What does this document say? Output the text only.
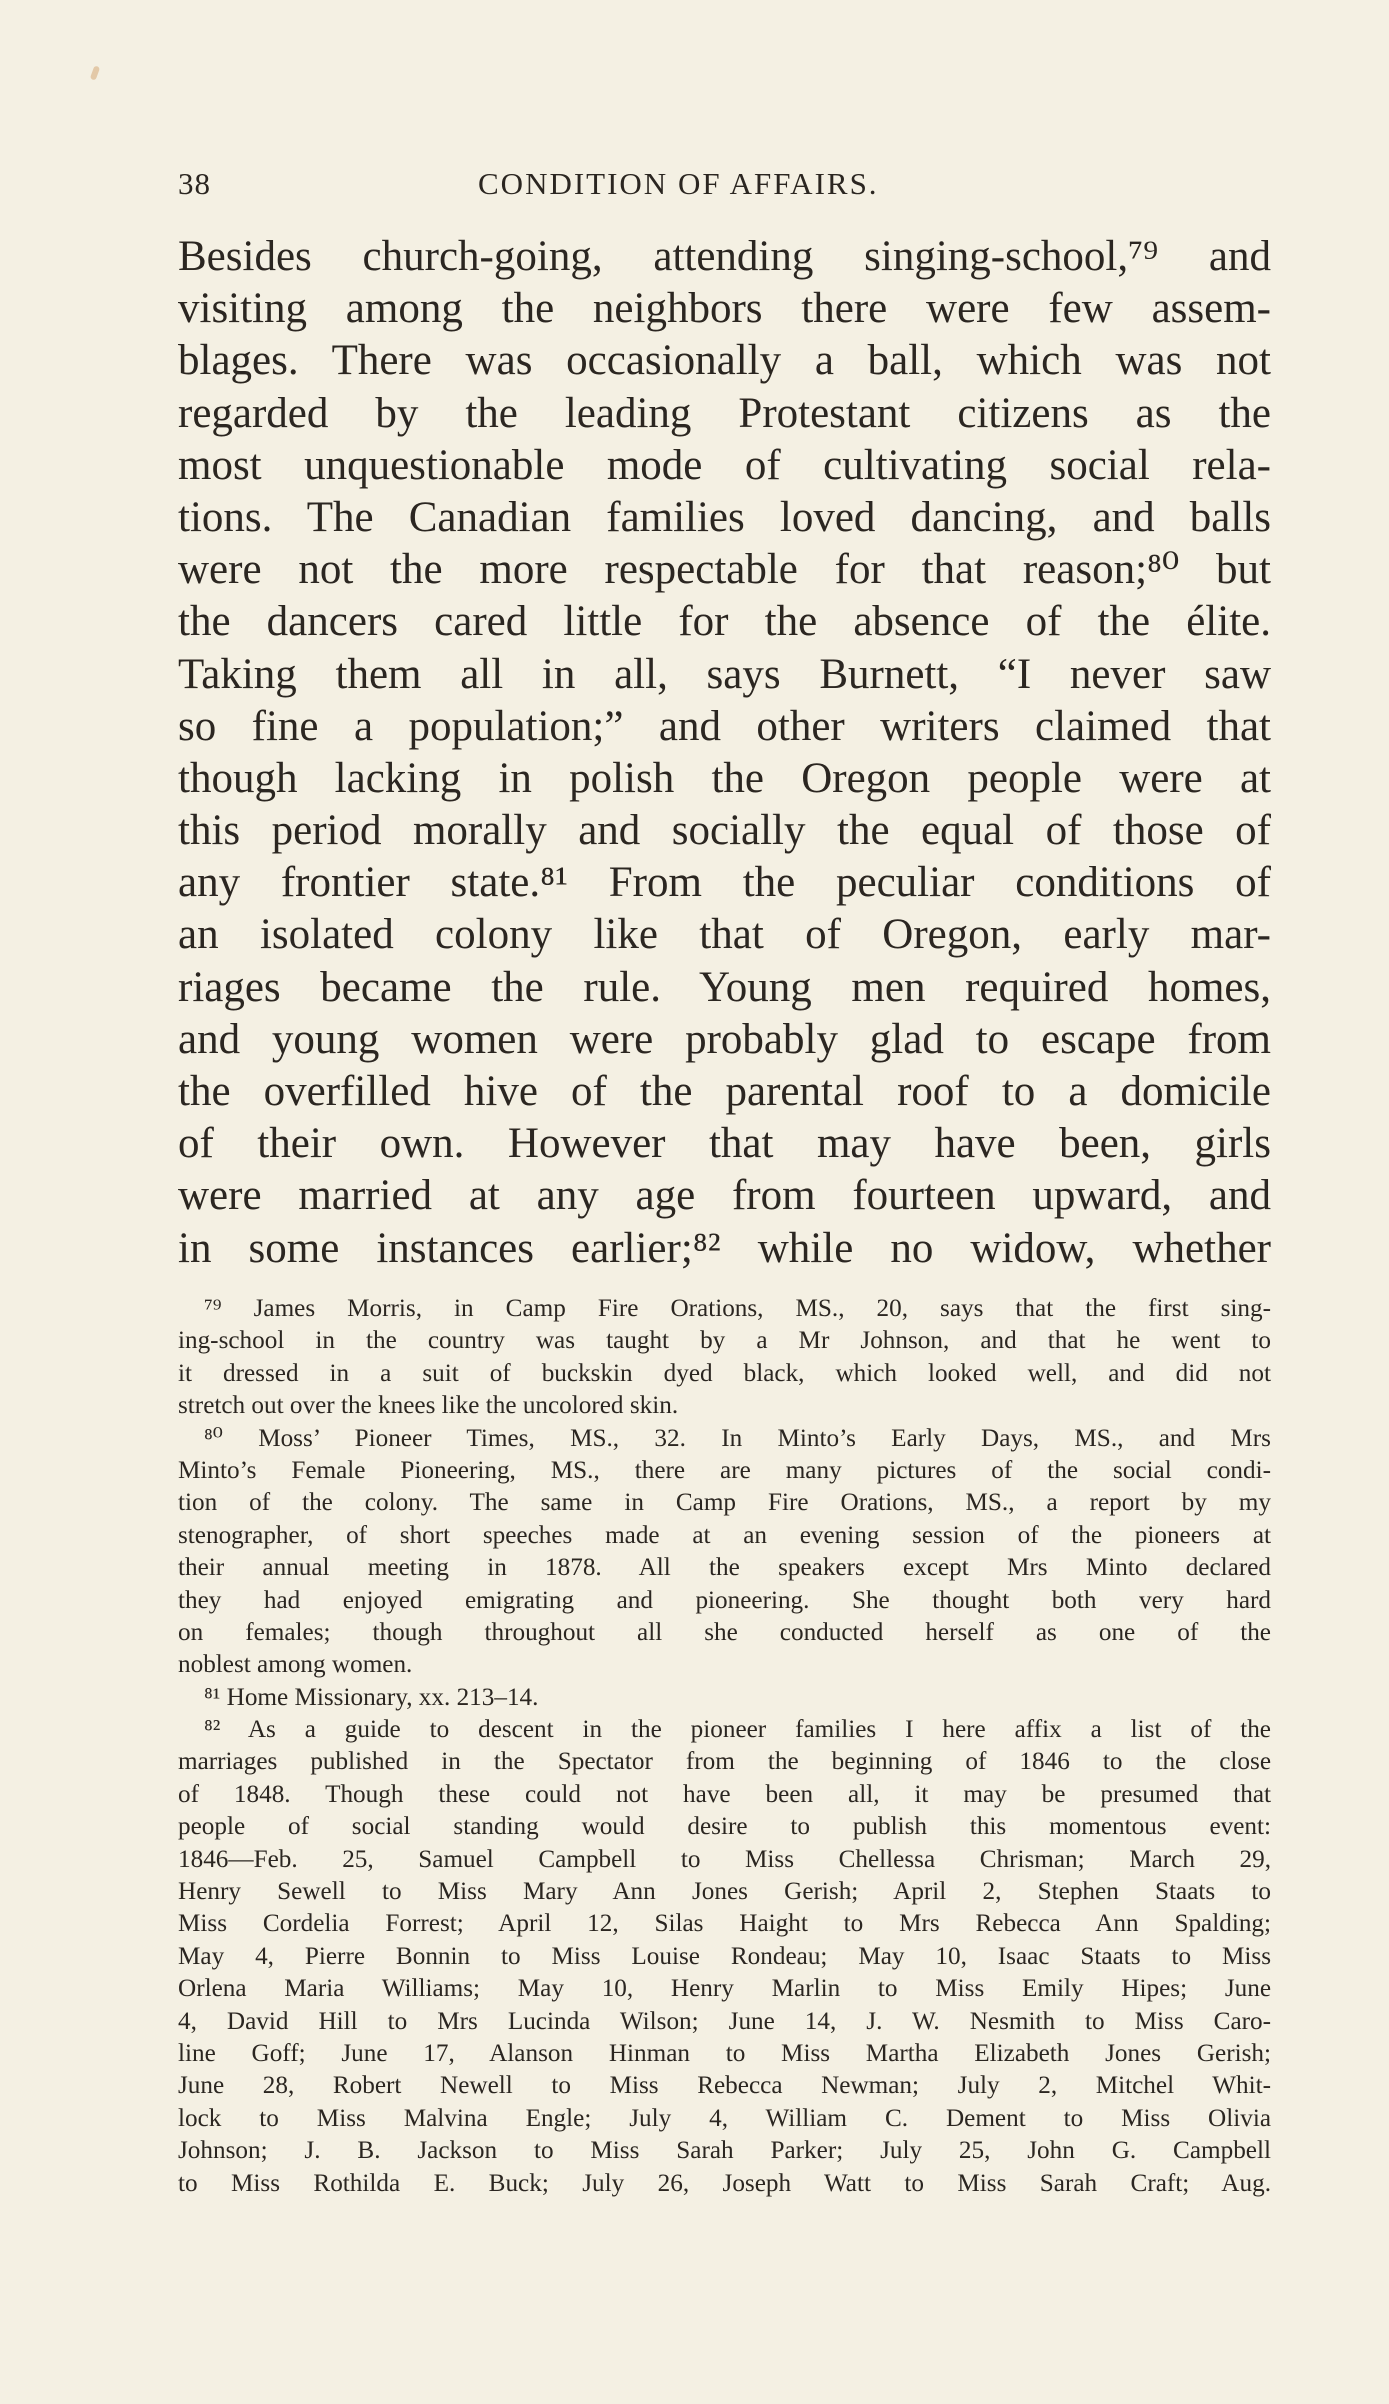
38	CONDITION OF AFFAIRS.
Besides church-going, attending singing-school,⁷⁹ and
visiting among the neighbors there were few assem-
blages. There was occasionally a ball, which was not
regarded by the leading Protestant citizens as the
most unquestionable mode of cultivating social rela-
tions. The Canadian families loved dancing, and balls
were not the more respectable for that reason;⁸⁰ but
the dancers cared little for the absence of the élite.
Taking them all in all, says Burnett, “I never saw
so fine a population;” and other writers claimed that
though lacking in polish the Oregon people were at
this period morally and socially the equal of those of
any frontier state.⁸¹ From the peculiar conditions of
an isolated colony like that of Oregon, early mar-
riages became the rule. Young men required homes,
and young women were probably glad to escape from
the overfilled hive of the parental roof to a domicile
of their own. However that may have been, girls
were married at any age from fourteen upward, and
in some instances earlier;⁸² while no widow, whether
⁷⁹ James Morris, in Camp Fire Orations, MS., 20, says that the first sing-
ing-school in the country was taught by a Mr Johnson, and that he went to
it dressed in a suit of buckskin dyed black, which looked well, and did not
stretch out over the knees like the uncolored skin.
⁸⁰ Moss’ Pioneer Times, MS., 32. In Minto’s Early Days, MS., and Mrs
Minto’s Female Pioneering, MS., there are many pictures of the social condi-
tion of the colony. The same in Camp Fire Orations, MS., a report by my
stenographer, of short speeches made at an evening session of the pioneers at
their annual meeting in 1878. All the speakers except Mrs Minto declared
they had enjoyed emigrating and pioneering. She thought both very hard
on females; though throughout all she conducted herself as one of the
noblest among women.
⁸¹ Home Missionary, xx. 213–14.
⁸² As a guide to descent in the pioneer families I here affix a list of the
marriages published in the Spectator from the beginning of 1846 to the close
of 1848. Though these could not have been all, it may be presumed that
people of social standing would desire to publish this momentous event:
1846—Feb. 25, Samuel Campbell to Miss Chellessa Chrisman; March 29,
Henry Sewell to Miss Mary Ann Jones Gerish; April 2, Stephen Staats to
Miss Cordelia Forrest; April 12, Silas Haight to Mrs Rebecca Ann Spalding;
May 4, Pierre Bonnin to Miss Louise Rondeau; May 10, Isaac Staats to Miss
Orlena Maria Williams; May 10, Henry Marlin to Miss Emily Hipes; June
4, David Hill to Mrs Lucinda Wilson; June 14, J. W. Nesmith to Miss Caro-
line Goff; June 17, Alanson Hinman to Miss Martha Elizabeth Jones Gerish;
June 28, Robert Newell to Miss Rebecca Newman; July 2, Mitchel Whit-
lock to Miss Malvina Engle; July 4, William C. Dement to Miss Olivia
Johnson; J. B. Jackson to Miss Sarah Parker; July 25, John G. Campbell
to Miss Rothilda E. Buck; July 26, Joseph Watt to Miss Sarah Craft; Aug.
